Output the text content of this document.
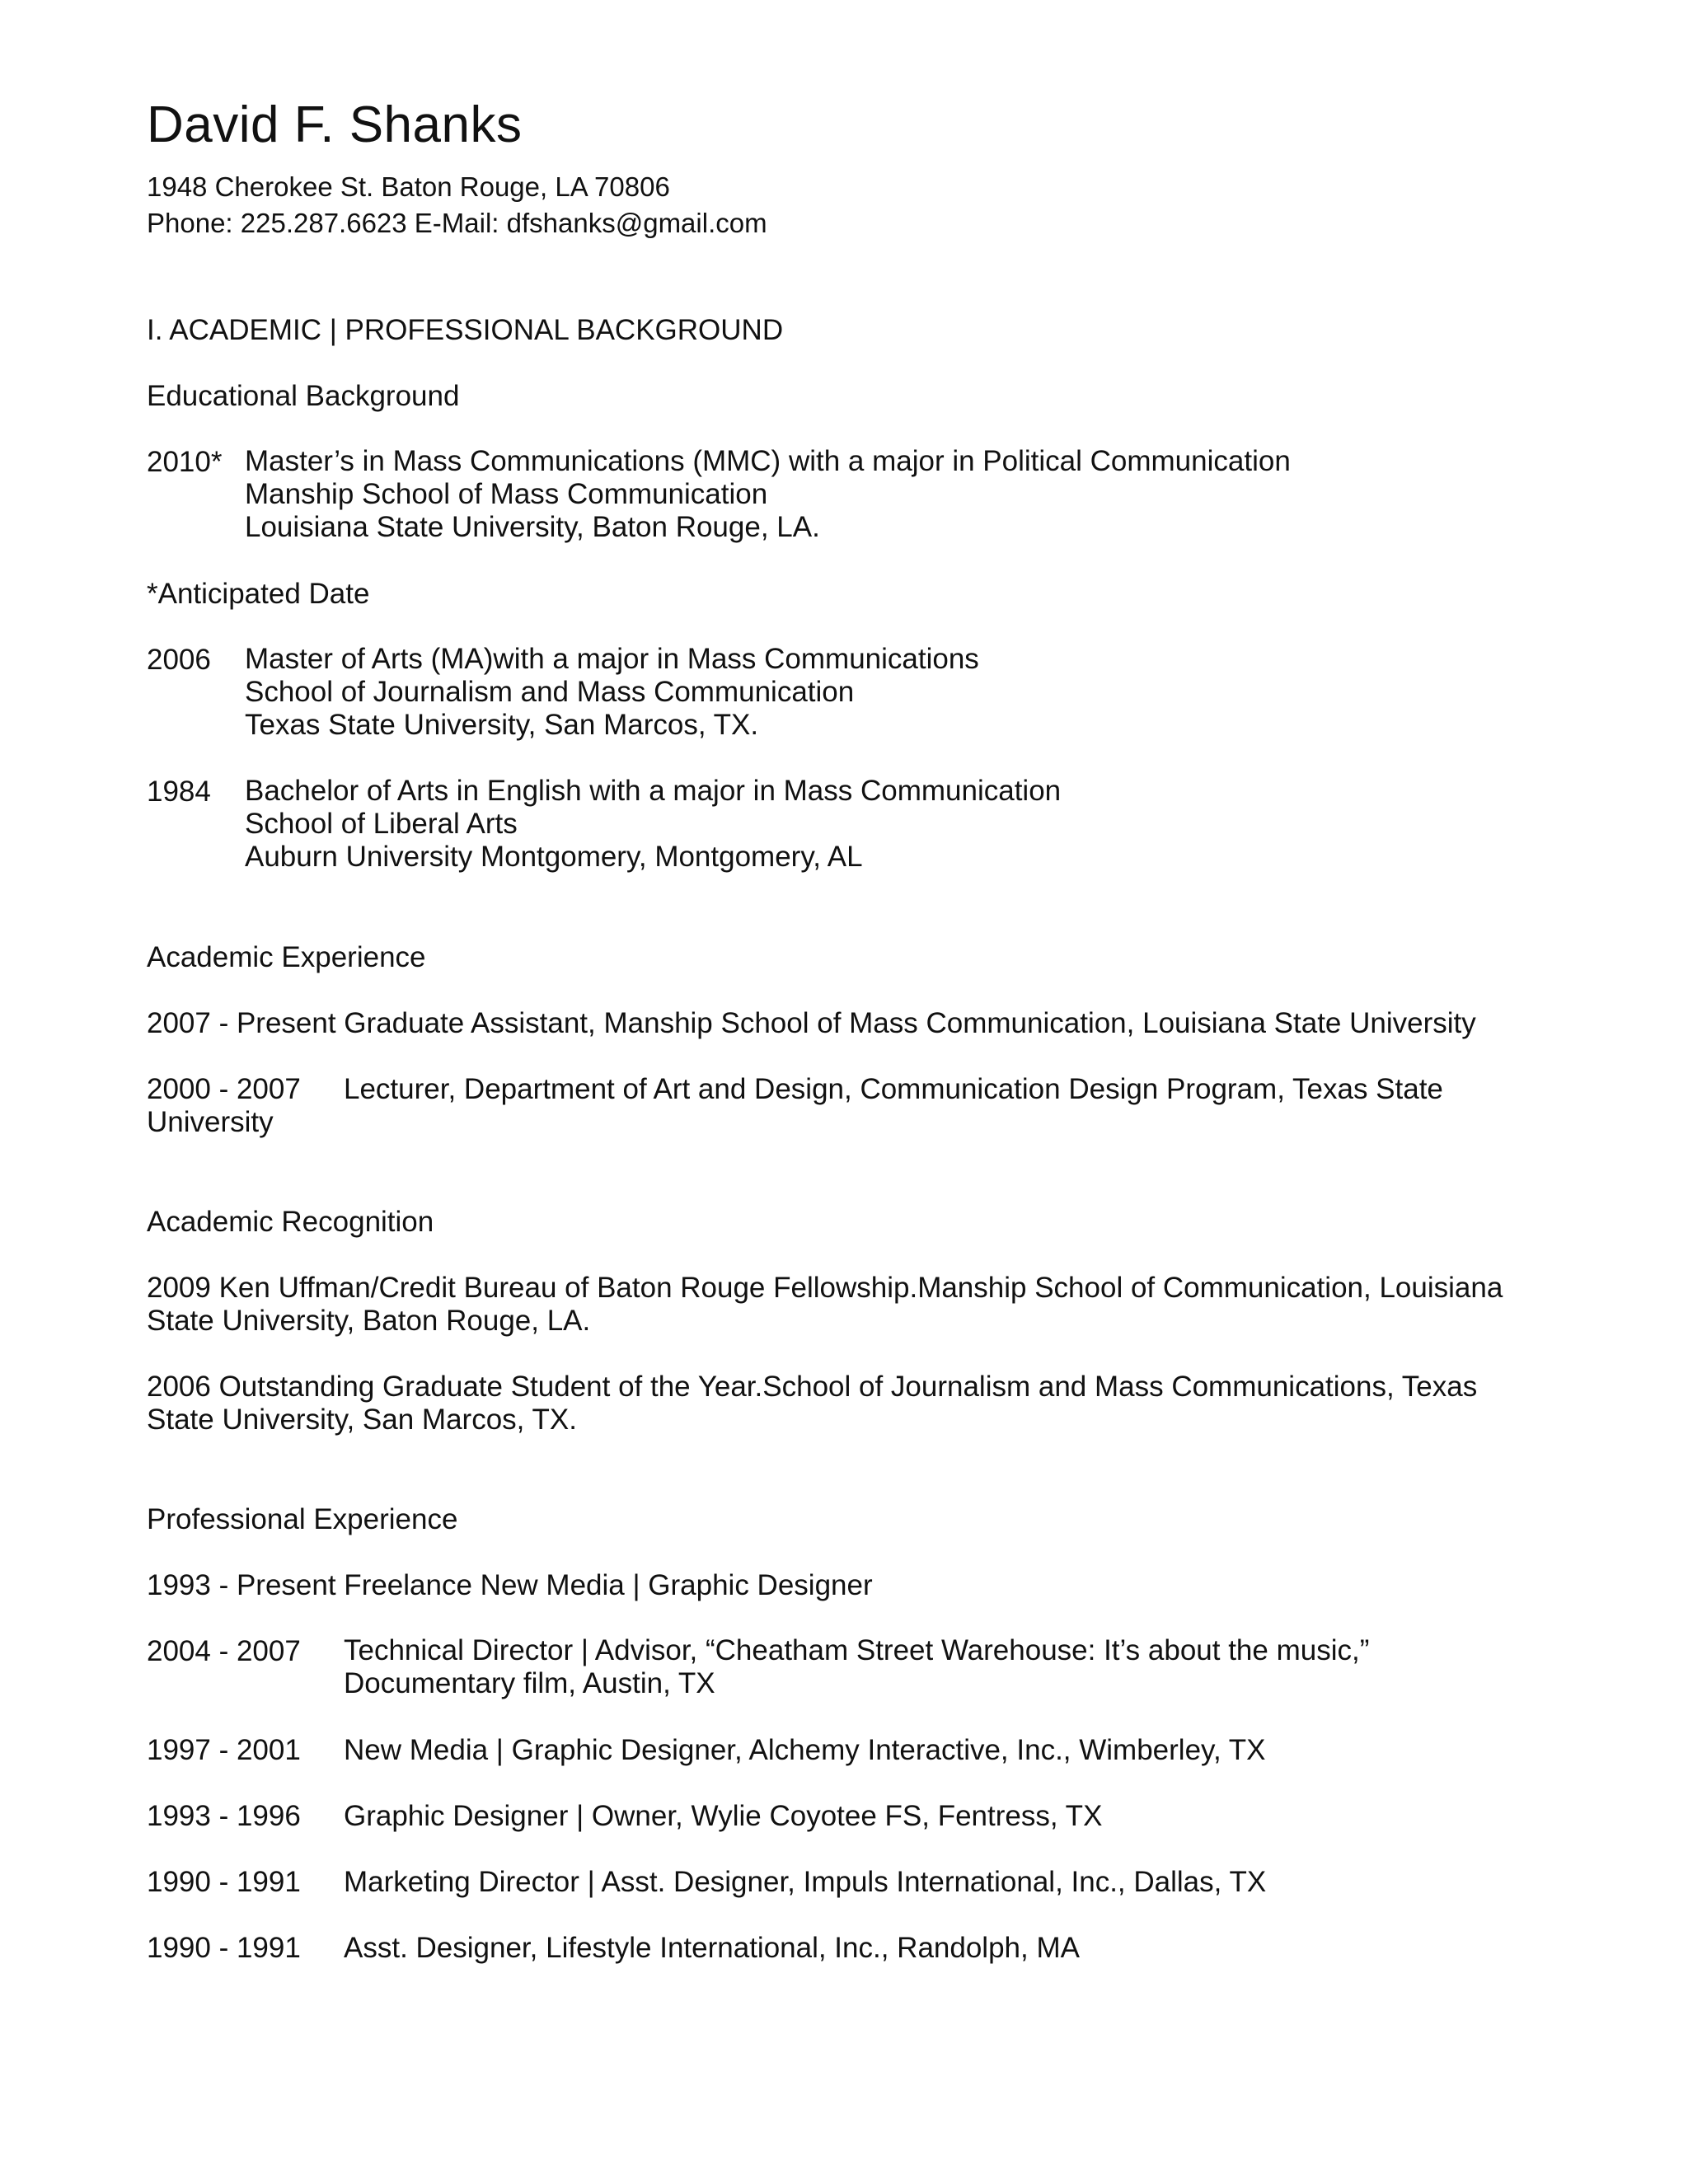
David F. Shanks
1948 Cherokee St. Baton Rouge, LA 70806
Phone: 225.287.6623 E-Mail: dfshanks@gmail.com
I. ACADEMIC | PROFESSIONAL BACKGROUND
Educational Background
2010* Master’s in Mass Communications (MMC) with a major in Political Communication
Manship School of Mass Communication
Louisiana State University, Baton Rouge, LA.
*Anticipated Date
2006 Master of Arts (MA)with a major in Mass Communications
School of Journalism and Mass Communication
Texas State University, San Marcos, TX.
1984 Bachelor of Arts in English with a major in Mass Communication
School of Liberal Arts
Auburn University Montgomery, Montgomery, AL
Academic Experience
2007 - Present Graduate Assistant, Manship School of Mass Communication, Louisiana State University
2000 - 2007 Lecturer, Department of Art and Design, Communication Design Program, Texas State
University
Academic Recognition
2009 Ken Uffman/Credit Bureau of Baton Rouge Fellowship.Manship School of Communication, Louisiana
State University, Baton Rouge, LA.
2006 Outstanding Graduate Student of the Year.School of Journalism and Mass Communications, Texas
State University, San Marcos, TX.
Professional Experience
1993 - Present Freelance New Media | Graphic Designer
2004 - 2007 Technical Director | Advisor, “Cheatham Street Warehouse: It’s about the music,”
Documentary film, Austin, TX
1997 - 2001 New Media | Graphic Designer, Alchemy Interactive, Inc., Wimberley, TX
1993 - 1996 Graphic Designer | Owner, Wylie Coyotee FS, Fentress, TX
1990 - 1991 Marketing Director | Asst. Designer, Impuls International, Inc., Dallas, TX
1990 - 1991 Asst. Designer, Lifestyle International, Inc., Randolph, MA
